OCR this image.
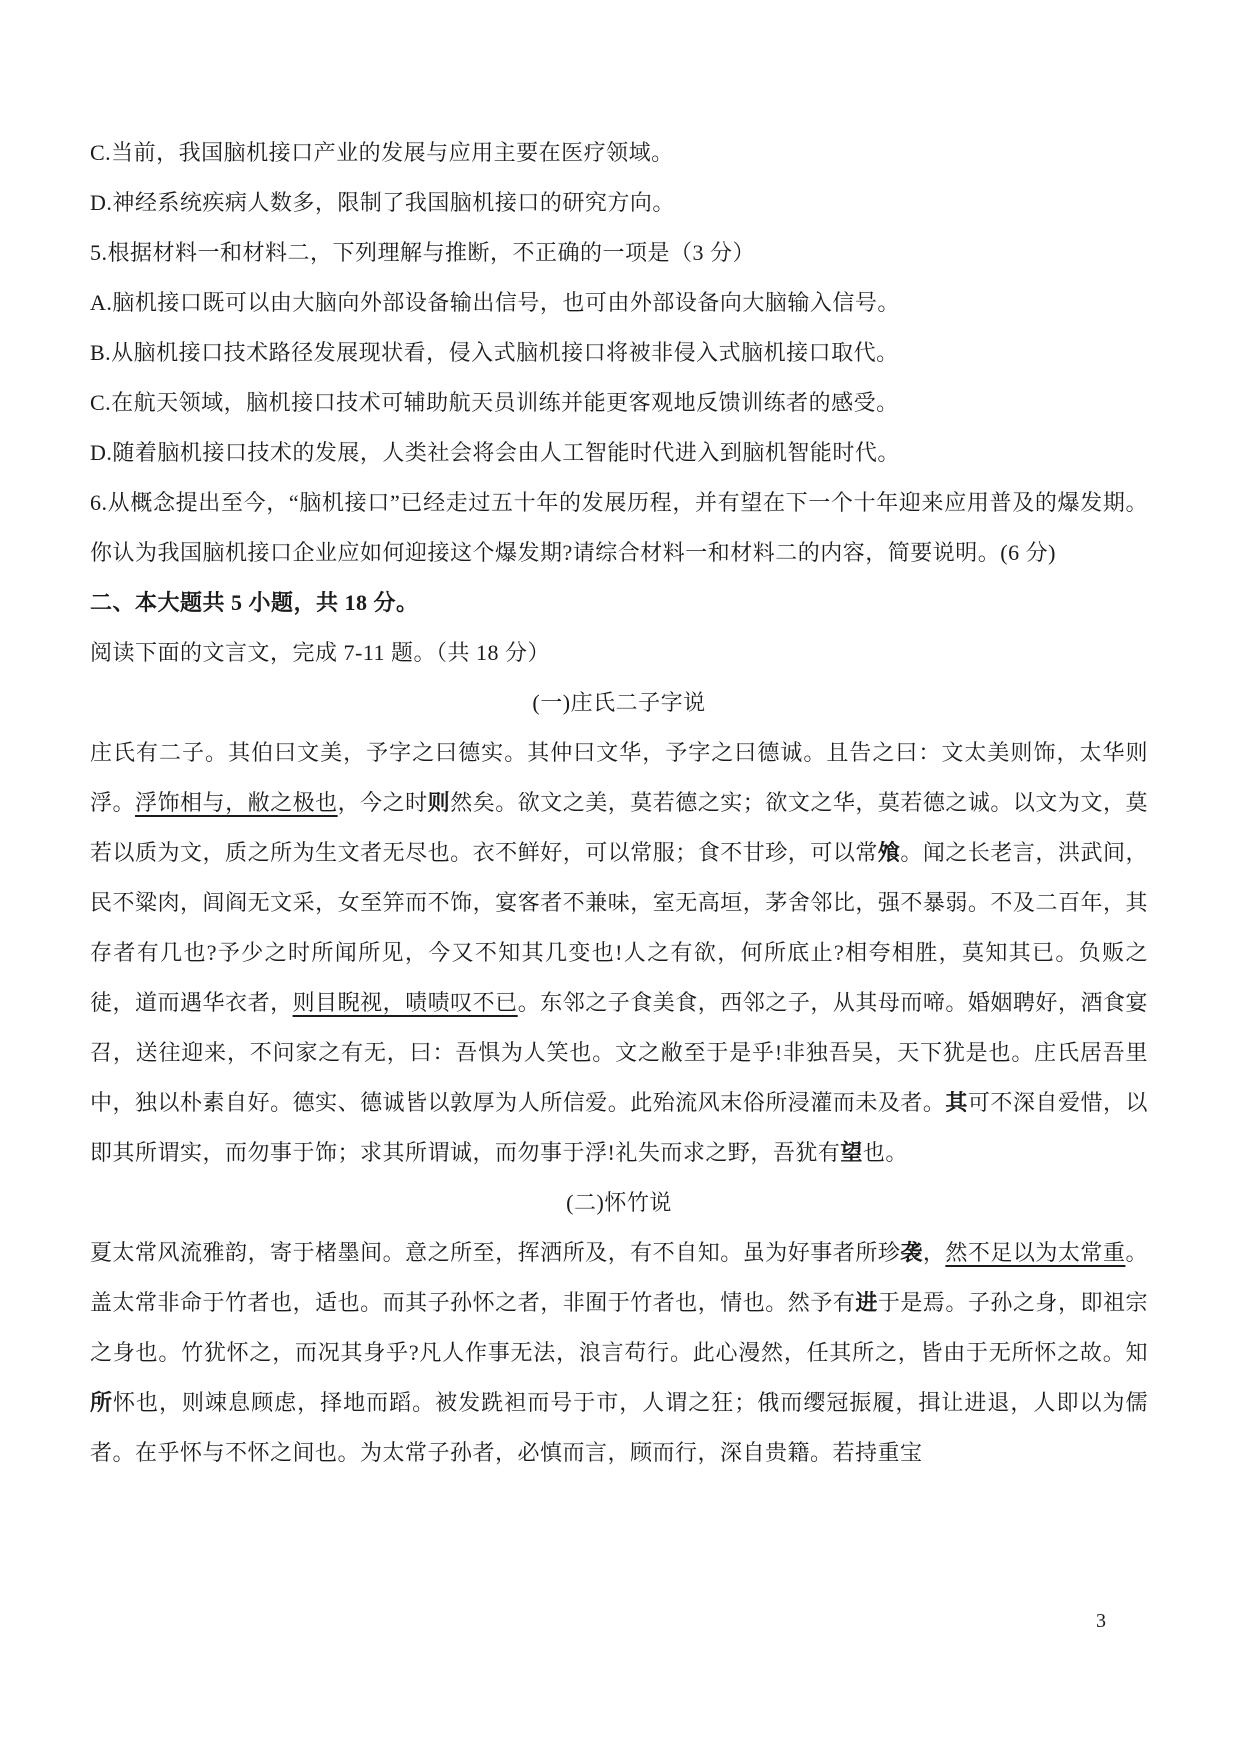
C.当前，我国脑机接口产业的发展与应用主要在医疗领域。

D.神经系统疾病人数多，限制了我国脑机接口的研究方向。

5.根据材料一和材料二，下列理解与推断，不正确的一项是（3 分）

A.脑机接口既可以由大脑向外部设备输出信号，也可由外部设备向大脑输入信号。

B.从脑机接口技术路径发展现状看，侵入式脑机接口将被非侵入式脑机接口取代。

C.在航天领域，脑机接口技术可辅助航天员训练并能更客观地反馈训练者的感受。

D.随着脑机接口技术的发展，人类社会将会由人工智能时代进入到脑机智能时代。

6.从概念提出至今，“脑机接口”已经走过五十年的发展历程，并有望在下一个十年迎来应用普及的爆发期。你认为我国脑机接口企业应如何迎接这个爆发期?请综合材料一和材料二的内容，简要说明。(6 分)

二、本大题共 5 小题，共 18 分。

阅读下面的文言文，完成 7-11 题。（共 18 分）

(一)庄氏二子字说

庄氏有二子。其伯曰文美，予字之曰德实。其仲曰文华，予字之曰德诚。且告之曰：文太美则饰，太华则浮。浮饰相与，敝之极也，今之时则然矣。欲文之美，莫若德之实；欲文之华，莫若德之诚。以文为文，莫若以质为文，质之所为生文者无尽也。衣不鲜好，可以常服；食不甘珍，可以常飧。闻之长老言，洪武间，民不粱肉，闾阎无文采，女至笄而不饰，宴客者不兼味，室无高垣，茅舍邻比，强不暴弱。不及二百年，其存者有几也?予少之时所闻所见，今又不知其几变也!人之有欲，何所底止?相夸相胜，莫知其已。负贩之徒，道而遇华衣者，则目睨视，啧啧叹不已。东邻之子食美食，西邻之子，从其母而啼。婚姻聘好，酒食宴召，送往迎来，不问家之有无，曰：吾惧为人笑也。文之敝至于是乎!非独吾吴，天下犹是也。庄氏居吾里中，独以朴素自好。德实、德诚皆以敦厚为人所信爱。此殆流风末俗所浸灌而未及者。其可不深自爱惜，以即其所谓实，而勿事于饰；求其所谓诚，而勿事于浮!礼失而求之野，吾犹有望也。

(二)怀竹说

夏太常风流雅韵，寄于楮墨间。意之所至，挥洒所及，有不自知。虽为好事者所珍袭，然不足以为太常重。盖太常非命于竹者也，适也。而其子孙怀之者，非囿于竹者也，情也。然予有进于是焉。子孙之身，即祖宗之身也。竹犹怀之，而况其身乎?凡人作事无法，浪言苟行。此心漫然，任其所之，皆由于无所怀之故。知所怀也，则竦息顾虑，择地而蹈。被发跣袒而号于市，人谓之狂；俄而缨冠振履，揖让进退，人即以为儒者。在乎怀与不怀之间也。为太常子孙者，必慎而言，顾而行，深自贵籍。若持重宝

3
